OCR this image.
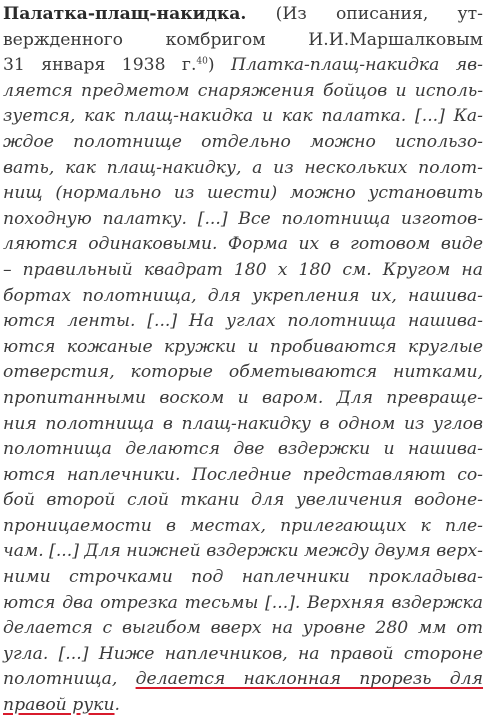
Палатка-плащ-накидка. (Из описания, ут-
вержденного комбригом И.И.Маршалковым
31 января 1938 г.$^{40}$) Платка-плащ-накидка яв-
ляется предметом снаряжения бойцов и исполь-
зуется, как плащ-накидка и как палатка. [...] Ка-
ждое полотнище отдельно можно использо-
вать, как плащ-накидку, а из нескольких полот-
нищ (нормально из шести) можно установить
походную палатку. [...] Все полотнища изготов-
ляются одинаковыми. Форма их в готовом виде
– правильный квадрат 180 х 180 см. Кругом на
бортах полотнища, для укрепления их, нашива-
ются ленты. [...] На углах полотнища нашива-
ются кожаные кружки и пробиваются круглые
отверстия, которые обметываются нитками,
пропитанными воском и варом. Для превраще-
ния полотнища в плащ-накидку в одном из углов
полотнища делаются две вздержки и нашива-
ются наплечники. Последние представляют со-
бой второй слой ткани для увеличения водоне-
проницаемости в местах, прилегающих к пле-
чам. [...] Для нижней вздержки между двумя верх-
ними строчками под наплечники прокладыва-
ются два отрезка тесьмы [...]. Верхняя вздержка
делается с выгибом вверх на уровне 280 мм от
угла. [...] Ниже наплечников, на правой стороне
полотнища, делается наклонная прорезь для
правой руки.
